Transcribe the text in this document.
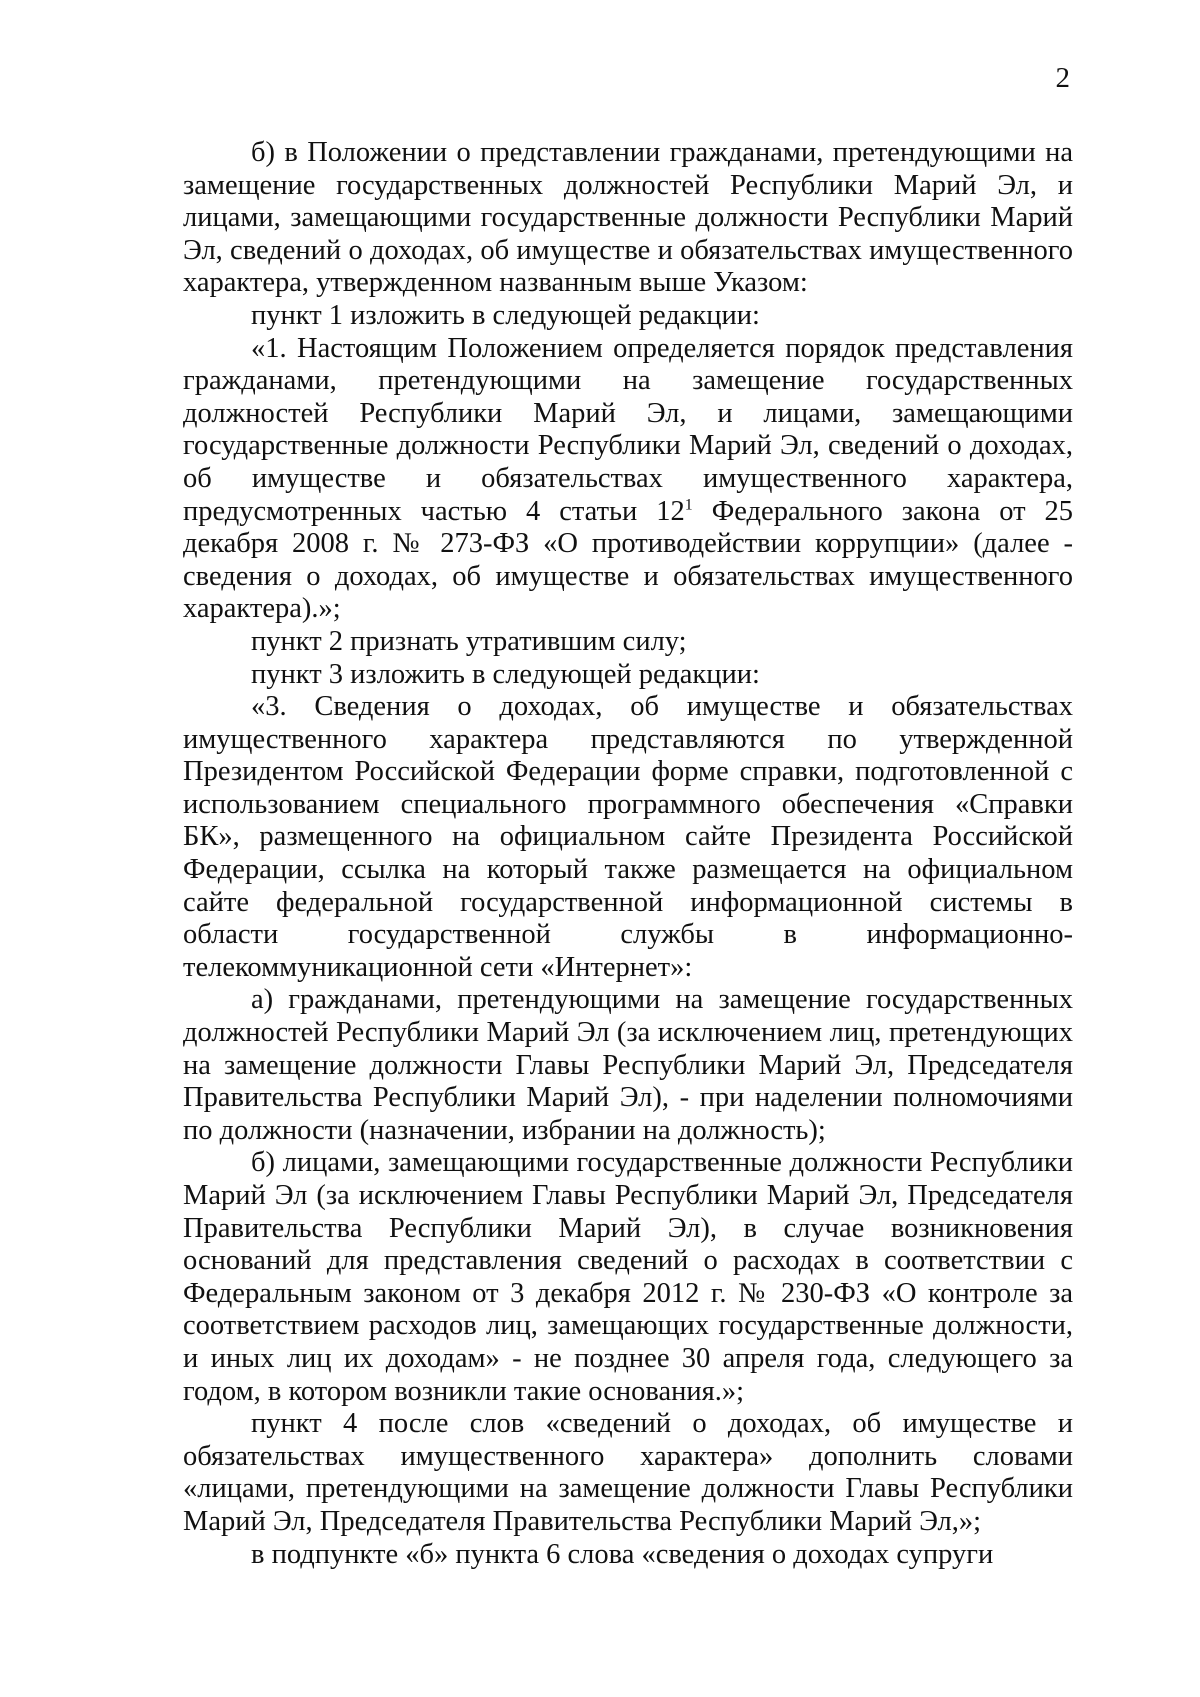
2

б) в Положении о представлении гражданами, претендующими на замещение государственных должностей Республики Марий Эл, и лицами, замещающими государственные должности Республики Марий Эл, сведений о доходах, об имуществе и обязательствах имущественного характера, утвержденном названным выше Указом:

пункт 1 изложить в следующей редакции:

«1. Настоящим Положением определяется порядок представления гражданами, претендующими на замещение государственных должностей Республики Марий Эл, и лицами, замещающими государственные должности Республики Марий Эл, сведений о доходах, об имуществе и обязательствах имущественного характера, предусмотренных частью 4 статьи $12^1$ Федерального закона от 25 декабря 2008 г. № 273-ФЗ «О противодействии коррупции» (далее - сведения о доходах, об имуществе и обязательствах имущественного характера).»;

пункт 2 признать утратившим силу;

пункт 3 изложить в следующей редакции:

«3. Сведения о доходах, об имуществе и обязательствах имущественного характера представляются по утвержденной Президентом Российской Федерации форме справки, подготовленной с использованием специального программного обеспечения «Справки БК», размещенного на официальном сайте Президента Российской Федерации, ссылка на который также размещается на официальном сайте федеральной государственной информационной системы в области государственной службы в информационно-телекоммуникационной сети «Интернет»:

а) гражданами, претендующими на замещение государственных должностей Республики Марий Эл (за исключением лиц, претендующих на замещение должности Главы Республики Марий Эл, Председателя Правительства Республики Марий Эл), - при наделении полномочиями по должности (назначении, избрании на должность);

б) лицами, замещающими государственные должности Республики Марий Эл (за исключением Главы Республики Марий Эл, Председателя Правительства Республики Марий Эл), в случае возникновения оснований для представления сведений о расходах в соответствии с Федеральным законом от 3 декабря 2012 г. № 230-ФЗ «О контроле за соответствием расходов лиц, замещающих государственные должности, и иных лиц их доходам» - не позднее 30 апреля года, следующего за годом, в котором возникли такие основания.»;

пункт 4 после слов «сведений о доходах, об имуществе и обязательствах имущественного характера» дополнить словами «лицами, претендующими на замещение должности Главы Республики Марий Эл, Председателя Правительства Республики Марий Эл,»;

в подпункте «б» пункта 6 слова «сведения о доходах супруги
